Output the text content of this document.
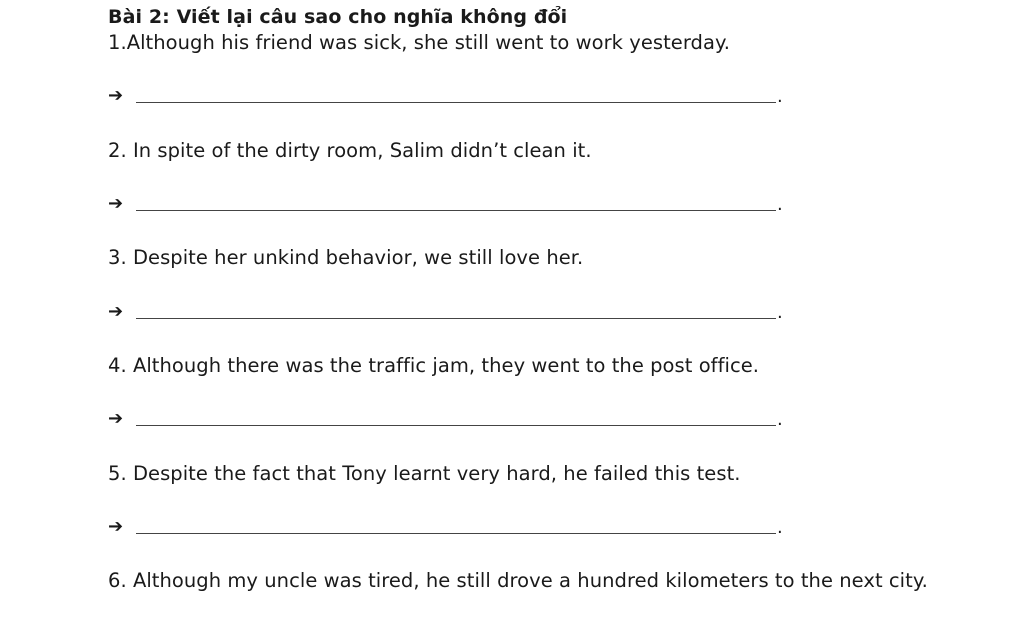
Bài 2: Viết lại câu sao cho nghĩa không đổi
1.Although his friend was sick, she still went to work yesterday.
➔	.
2. In spite of the dirty room, Salim didn’t clean it.
➔	.
3. Despite her unkind behavior, we still love her.
➔	.
4. Although there was the traffic jam, they went to the post office.
➔	.
5. Despite the fact that Tony learnt very hard, he failed this test.
➔	.
6. Although my uncle was tired, he still drove a hundred kilometers to the next city.
